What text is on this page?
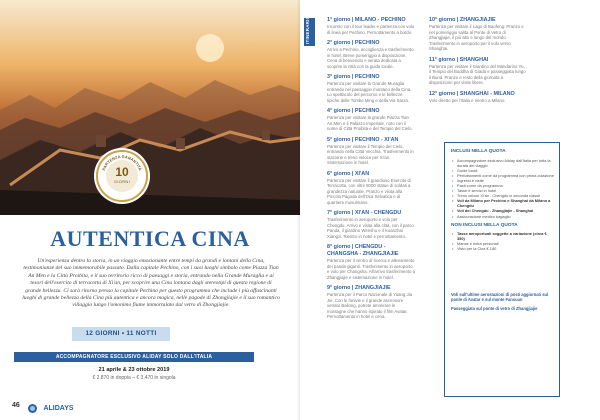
10
GIORNI
PARTENZA GARANTITA
AUTENTICA CINA

Un'esperienza dentro la storia, in un viaggio emozionante entre tempi da grandi e lontani della Cina, testimonianze del suo immemorabile passato. Dalla capitale Pechino, con i suoi luoghi simbolo come Piazza Tian An Men e la Città Proibita, e il suo territorio ricco di paesaggi e storia, entrando nella Grande Muraglia e ai tesori dell'esercito di terracotta di Xi'an, per scoprire una Cina lontana dagli stereotipi di questa regione di grande bellezza. Ci sarà ritorno presso la capitale Pechino per questo programma che include i più affascinanti luoghi di grande bellezza della Cina più autentica e ancora magica, nelle pagode di Zhongjiajie e il suo romantico villaggio lungo l'omonimo fiume immortalato dal vetro di Zhongjiajie.

12 GIORNI • 11 NOTTI
ACCOMPAGNATORE ESCLUSIVO ALIDAY SOLO DALL'ITALIA
21 aprile & 23 ottobre 2019
€ 2.870 in doppia – € 3.470 in singola
46	ALIDAYS
ITINERARIO	1° giorno | MILANO - PECHINO
Incontro con il tour leader e partenza con volo di linea per Pechino. Pernottamento a bordo.
2° giorno | PECHINO
Arrivo a Pechino, accoglienza e trasferimento in hotel. Breve pomeriggio a disposizione. Cena di benvenuto e serata dedicata a scoprire la città con la guida locale.
3° giorno | PECHINO
Partenza per visitare la Grande Muraglia entrando nel paesaggio montano della Cina. Lo spettacolo del percorso e le bellezze tipiche delle Tombe Ming e della Via Sacra.
4° giorno | PECHINO
Partenza per visitare la grande Piazza Tian An Men e il Palazzo Imperiale, noto con il nome di Città Proibita e del Tempio del Cielo.
5° giorno | PECHINO - XI'AN
Partenza per visitare il Tempio del Cielo, entrando nella Città Vecchia. Trasferimento in stazione e treno veloce per Xi'an. Sistemazione in hotel.
6° giorno | XI'AN
Partenza per visitare il grandioso Esercito di Terracotta, con oltre 8000 statue di soldati a grandezza naturale. Pranzo e visita alla Piccola Pagoda dell'Oca Selvatica e al quartiere musulmano.
7° giorno | XI'AN - CHENGDU
Trasferimento in aeroporto e volo per Chengdu. Arrivo e visita alla città, con il parco Panda, il giardino Wenshu e il Kuanzhai Xiangzi. Rientro in hotel e pernottamento.
8° giorno | CHENGDU - CHANGSHA - ZHANGJIAJIE
Partenza per il centro di ricerca e allevamento dei panda giganti. Trasferimento in aeroporto e volo per Changsha. All'arrivo trasferimento a Zhangjiajie e sistemazione in hotel.
9° giorno | ZHANGJIAJIE
Partenza per il Parco Nazionale di Yuang Jia Jie. Con le funivie e il grande ascensore vetrato Bailong, potrete ammirare le montagne che hanno ispirato il film Avatar. Pernottamento in hotel e cena.
10° giorno | ZHANGJIAJIE
Partenza per visitare il Lago di Baofeng. Pranzo e nel pomeriggio salita al Ponte di Vetro di Zhangjiajie, il più alto e lungo del mondo. Trasferimento in aeroporto per il volo verso Shanghai.
11° giorno | SHANGHAI
Partenza per visitare il Giardino del Mandarino Yu, il Tempio del Buddha di Giada e passeggiata lungo il Bund. Pranzo e resto della giornata a disposizione per visite libere.
12° giorno | SHANGHAI - MILANO
Volo diretto per l'Italia e rientro a Milano.
INCLUSI NELLA QUOTA
• Accompagnatore esclusivo Aliday dall'Italia per tutta la durata del viaggio
• Guide locali
• Pernottamenti come da programma con prima colazione
• Ingressi e visite
• Pasti come da programma
• Tasse e servizi in hotel
• Treno veloce Xi'an - Chengdu in seconda classe
• Voli da Milano per Pechino e Shanghai da Milano a Chengdu
• Voli dei Chengdu - Zhangjiajie - Shanghai
• Assicurazione medico bagaglio
NON INCLUSI NELLA QUOTA
• Tasse aeroportuali soggette a variazione (circa € 350)
• Mance e extra personali
• Visto per la Cina € 180
Voli sull'ultime aerostazioni di posti aggiornati sul ponte di Avatar e sul monte Fanxuan
Passeggiata sul ponte di vetro di Zhangjiajie
